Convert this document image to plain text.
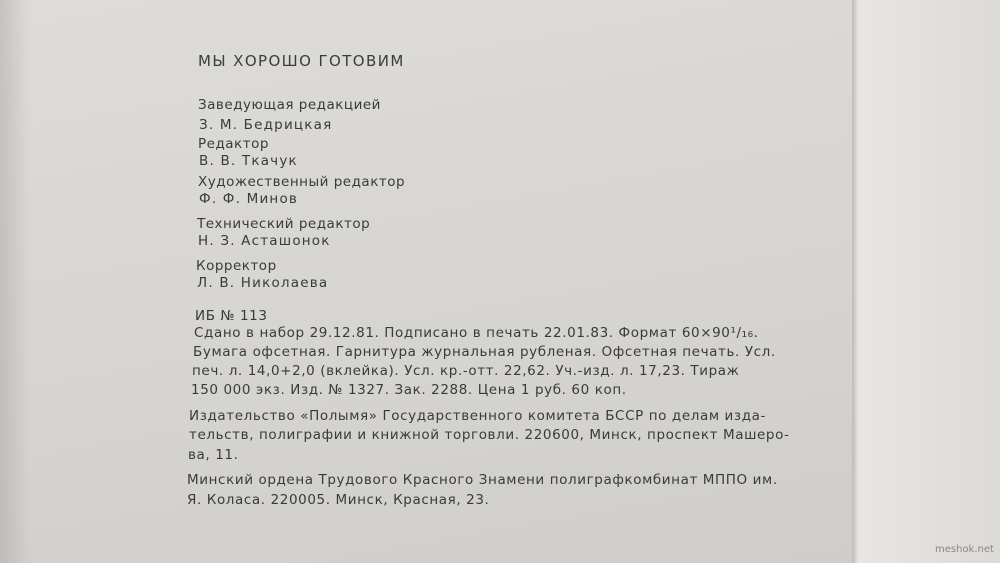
МЫ ХОРОШО ГОТОВИМ
Заведующая редакцией
З. М. Бедрицкая
Редактор
В. В. Ткачук
Художественный редактор
Ф. Ф. Минов
Технический редактор
Н. З. Асташонок
Корректор
Л. В. Николаева
ИБ № 113
Сдано в набор 29.12.81. Подписано в печать 22.01.83. Формат 60×90¹/₁₆.
Бумага офсетная. Гарнитура журнальная рубленая. Офсетная печать. Усл.
печ. л. 14,0+2,0 (вклейка). Усл. кр.-отт. 22,62. Уч.-изд. л. 17,23. Тираж
150 000 экз. Изд. № 1327. Зак. 2288. Цена 1 руб. 60 коп.
Издательство «Полымя» Государственного комитета БССР по делам изда-
тельств, полиграфии и книжной торговли. 220600, Минск, проспект Машеро-
ва, 11.
Минский ордена Трудового Красного Знамени полиграфкомбинат МППО им.
Я. Коласа. 220005. Минск, Красная, 23.
meshok.net
